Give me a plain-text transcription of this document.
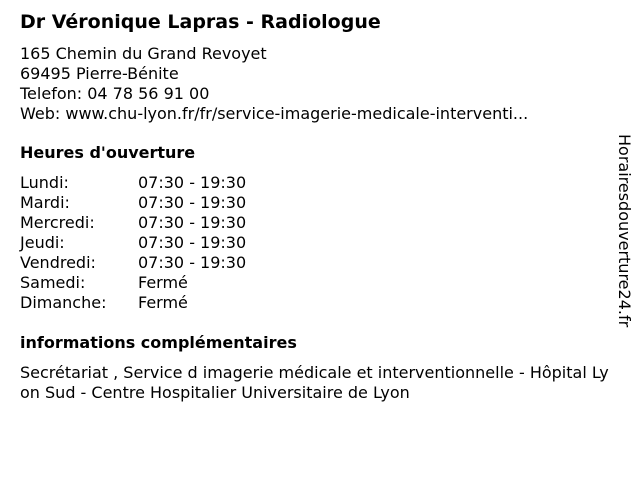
Dr Véronique Lapras - Radiologue
165 Chemin du Grand Revoyet
69495 Pierre-Bénite
Telefon: 04 78 56 91 00
Web: www.chu-lyon.fr/fr/service-imagerie-medicale-interventi...
Heures d'ouverture
Lundi:	07:30 - 19:30
Mardi:	07:30 - 19:30
Mercredi:	07:30 - 19:30
Jeudi:	07:30 - 19:30
Vendredi:	07:30 - 19:30
Samedi:	Fermé
Dimanche: Fermé
informations complémentaires
Secrétariat , Service d imagerie médicale et interventionnelle - Hôpital Lyon Sud - Centre Hospitalier Universitaire de Lyon
Horairesdouverture24.fr
